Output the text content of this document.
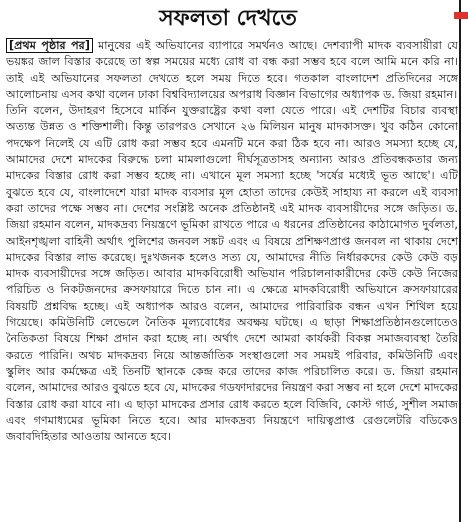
সফলতা দেখতে

[প্রথম পৃষ্ঠার পর] মানুষের এই অভিযানের ব্যাপারে সমর্থনও আছে। দেশব্যাপী মাদক ব্যবসায়ীরা যে ভয়ঙ্কর জাল বিস্তার করেছে তা স্বল্প সময়ের মধ্যে রোধ বা বন্ধ করা সম্ভব হবে বলে আমি মনে করি না। তাই এই অভিযানের সফলতা দেখতে হলে সময় দিতে হবে। গতকাল বাংলাদেশ প্রতিদিনের সঙ্গে আলোচনায় এসব কথা বলেন ঢাকা বিশ্ববিদ্যালয়ের অপরাধ বিজ্ঞান বিভাগের অধ্যাপক ড. জিয়া রহমান।

তিনি বলেন, উদাহরণ হিসেবে মার্কিন যুক্তরাষ্ট্রের কথা বলা যেতে পারে। এই দেশটির বিচার ব্যবস্থা অত্যন্ত উন্নত ও শক্তিশালী। কিন্তু তারপরও সেখানে ২৬ মিলিয়ন মানুষ মাদকাসক্ত। খুব কঠিন কোনো পদক্ষেপ নিলেই যে এটি রোধ করা সম্ভব হবে এমনটি মনে করা ঠিক হবে না। আরও সমস্যা হচ্ছে যে, আমাদের দেশে মাদকের বিরুদ্ধে চলা মামলাগুলো দীর্ঘসূত্রতাসহ অন্যান্য আরও প্রতিবন্ধকতার জন্য মাদকের বিস্তার রোধ করা সম্ভব হচ্ছে না। এখানে মূল সমস্যা হচ্ছে 'সর্ষের মধ্যেই ভূত আছে'। এটি বুঝতে হবে যে, বাংলাদেশে যারা মাদক ব্যবসার মূল হোতা তাদের কেউই সাহায্য না করলে এই ব্যবসা করা তাদের পক্ষে সম্ভব না। দেশের সংশ্লিষ্ট অনেক প্রতিষ্ঠানই এই মাদক ব্যবসায়ীদের সঙ্গে জড়িত। ড. জিয়া রহমান বলেন, মাদকদ্রব্য নিয়ন্ত্রণে ভূমিকা রাখতে পারে এ ধরনের প্রতিষ্ঠানের কাঠামোগত দুর্বলতা, আইনশৃঙ্খলা বাহিনী অর্থাৎ পুলিশের জনবল সঙ্কট এবং এ বিষয়ে প্রশিক্ষণপ্রাপ্ত জনবল না থাকায় দেশে মাদকের বিস্তার লাভ করেছে। দুঃখজনক হলেও সত্য যে, আমাদের নীতি নির্ধারকদের কেউ কেউ বড় মাদক ব্যবসায়ীদের সঙ্গে জড়িত। আবার মাদকবিরোধী অভিযান পরিচালনাকারীদের কেউ কেউ নিজের পরিচিত ও নিকটজনদের ক্রসফায়ারে দিতে চান না। এ ক্ষেত্রে মাদকবিরোধী অভিযানে ক্রসফায়ারের বিষয়টি প্রশ্নবিদ্ধ হচ্ছে। এই অধ্যাপক আরও বলেন, আমাদের পারিবারিক বন্ধন এখন শিথিল হয়ে গিয়েছে। কমিউনিটি লেভেলে নৈতিক মূল্যবোধের অবক্ষয় ঘটছে। এ ছাড়া শিক্ষাপ্রতিষ্ঠানগুলোতেও নৈতিকতা বিষয়ে শিক্ষা প্রদান করা হচ্ছে না। অর্থাৎ দেশে আমরা কার্যকরী বিকল্প সমাজব্যবস্থা তৈরি করতে পারিনি। অথচ মাদকদ্রব্য নিয়ে আন্তর্জাতিক সংস্থাগুলো সব সময়ই পরিবার, কমিউনিটি এবং স্কুলিং আর কর্মক্ষেত্র এই তিনটি স্থানকে কেন্দ্র করে তাদের কাজ পরিচালিত করে। ড. জিয়া রহমান বলেন, আমাদের আরও বুঝতে হবে যে, মাদকের গডফাদারদের নিয়ন্ত্রণ করা সম্ভব না হলে দেশে মাদকের বিস্তার রোধ করা যাবে না। এ ছাড়া মাদকের প্রসার রোধ করতে হলে বিজিবি, কোস্ট গার্ড, সুশীল সমাজ এবং গণমাধ্যমের ভূমিকা নিতে হবে। আর মাদকদ্রব্য নিয়ন্ত্রণে দায়িত্বপ্রাপ্ত রেগুলেটরি বডিকেও জবাবদিহিতার আওতায় আনতে হবে।
